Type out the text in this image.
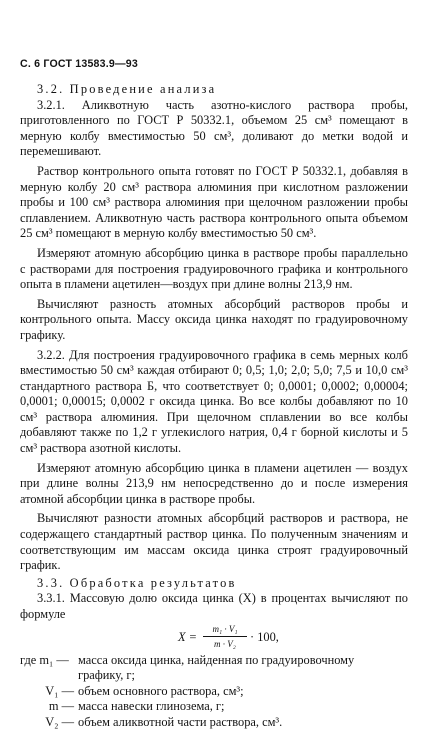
С. 6 ГОСТ 13583.9—93

3.2. Проведение анализа

3.2.1. Аликвотную часть азотно-кислого раствора пробы, приготовленного по ГОСТ Р 50332.1, объемом 25 см³ помещают в мерную колбу вместимостью 50 см³, доливают до метки водой и перемешивают.

Раствор контрольного опыта готовят по ГОСТ Р 50332.1, добавляя в мерную колбу 20 см³ раствора алюминия при кислотном разложении пробы и 100 см³ раствора алюминия при щелочном разложении пробы сплавлением. Аликвотную часть раствора контрольного опыта объемом 25 см³ помещают в мерную колбу вместимостью 50 см³.

Измеряют атомную абсорбцию цинка в растворе пробы параллельно с растворами для построения градуировочного графика и контрольного опыта в пламени ацетилен—воздух при длине волны 213,9 нм.

Вычисляют разность атомных абсорбций растворов пробы и контрольного опыта. Массу оксида цинка находят по градуировочному графику.

3.2.2. Для построения градуировочного графика в семь мерных колб вместимостью 50 см³ каждая отбирают 0; 0,5; 1,0; 2,0; 5,0; 7,5 и 10,0 см³ стандартного раствора Б, что соответствует 0; 0,0001; 0,0002; 0,00004; 0,0001; 0,00015; 0,0002 г оксида цинка. Во все колбы добавляют по 10 см³ раствора алюминия. При щелочном сплавлении во все колбы добавляют также по 1,2 г углекислого натрия, 0,4 г борной кислоты и 5 см³ раствора азотной кислоты.

Измеряют атомную абсорбцию цинка в пламени ацетилен — воздух при длине волны 213,9 нм непосредственно до и после измерения атомной абсорбции цинка в растворе пробы.

Вычисляют разности атомных абсорбций растворов и раствора, не содержащего стандартный раствор цинка. По полученным значениям и соответствующим им массам оксида цинка строят градуировочный график.

3.3. Обработка результатов

3.3.1. Массовую долю оксида цинка (X) в процентах вычисляют по формуле

$X = \frac{\text{m₁ · V₁}}{\text{m · V₂}} \cdot 100$,
где m₁ — масса оксида цинка, найденная по градуировочному
графику, г;
V₁ — объем основного раствора, см³;
m — масса навески глинозема, г;
V₂ — объем аликвотной части раствора, см³.
